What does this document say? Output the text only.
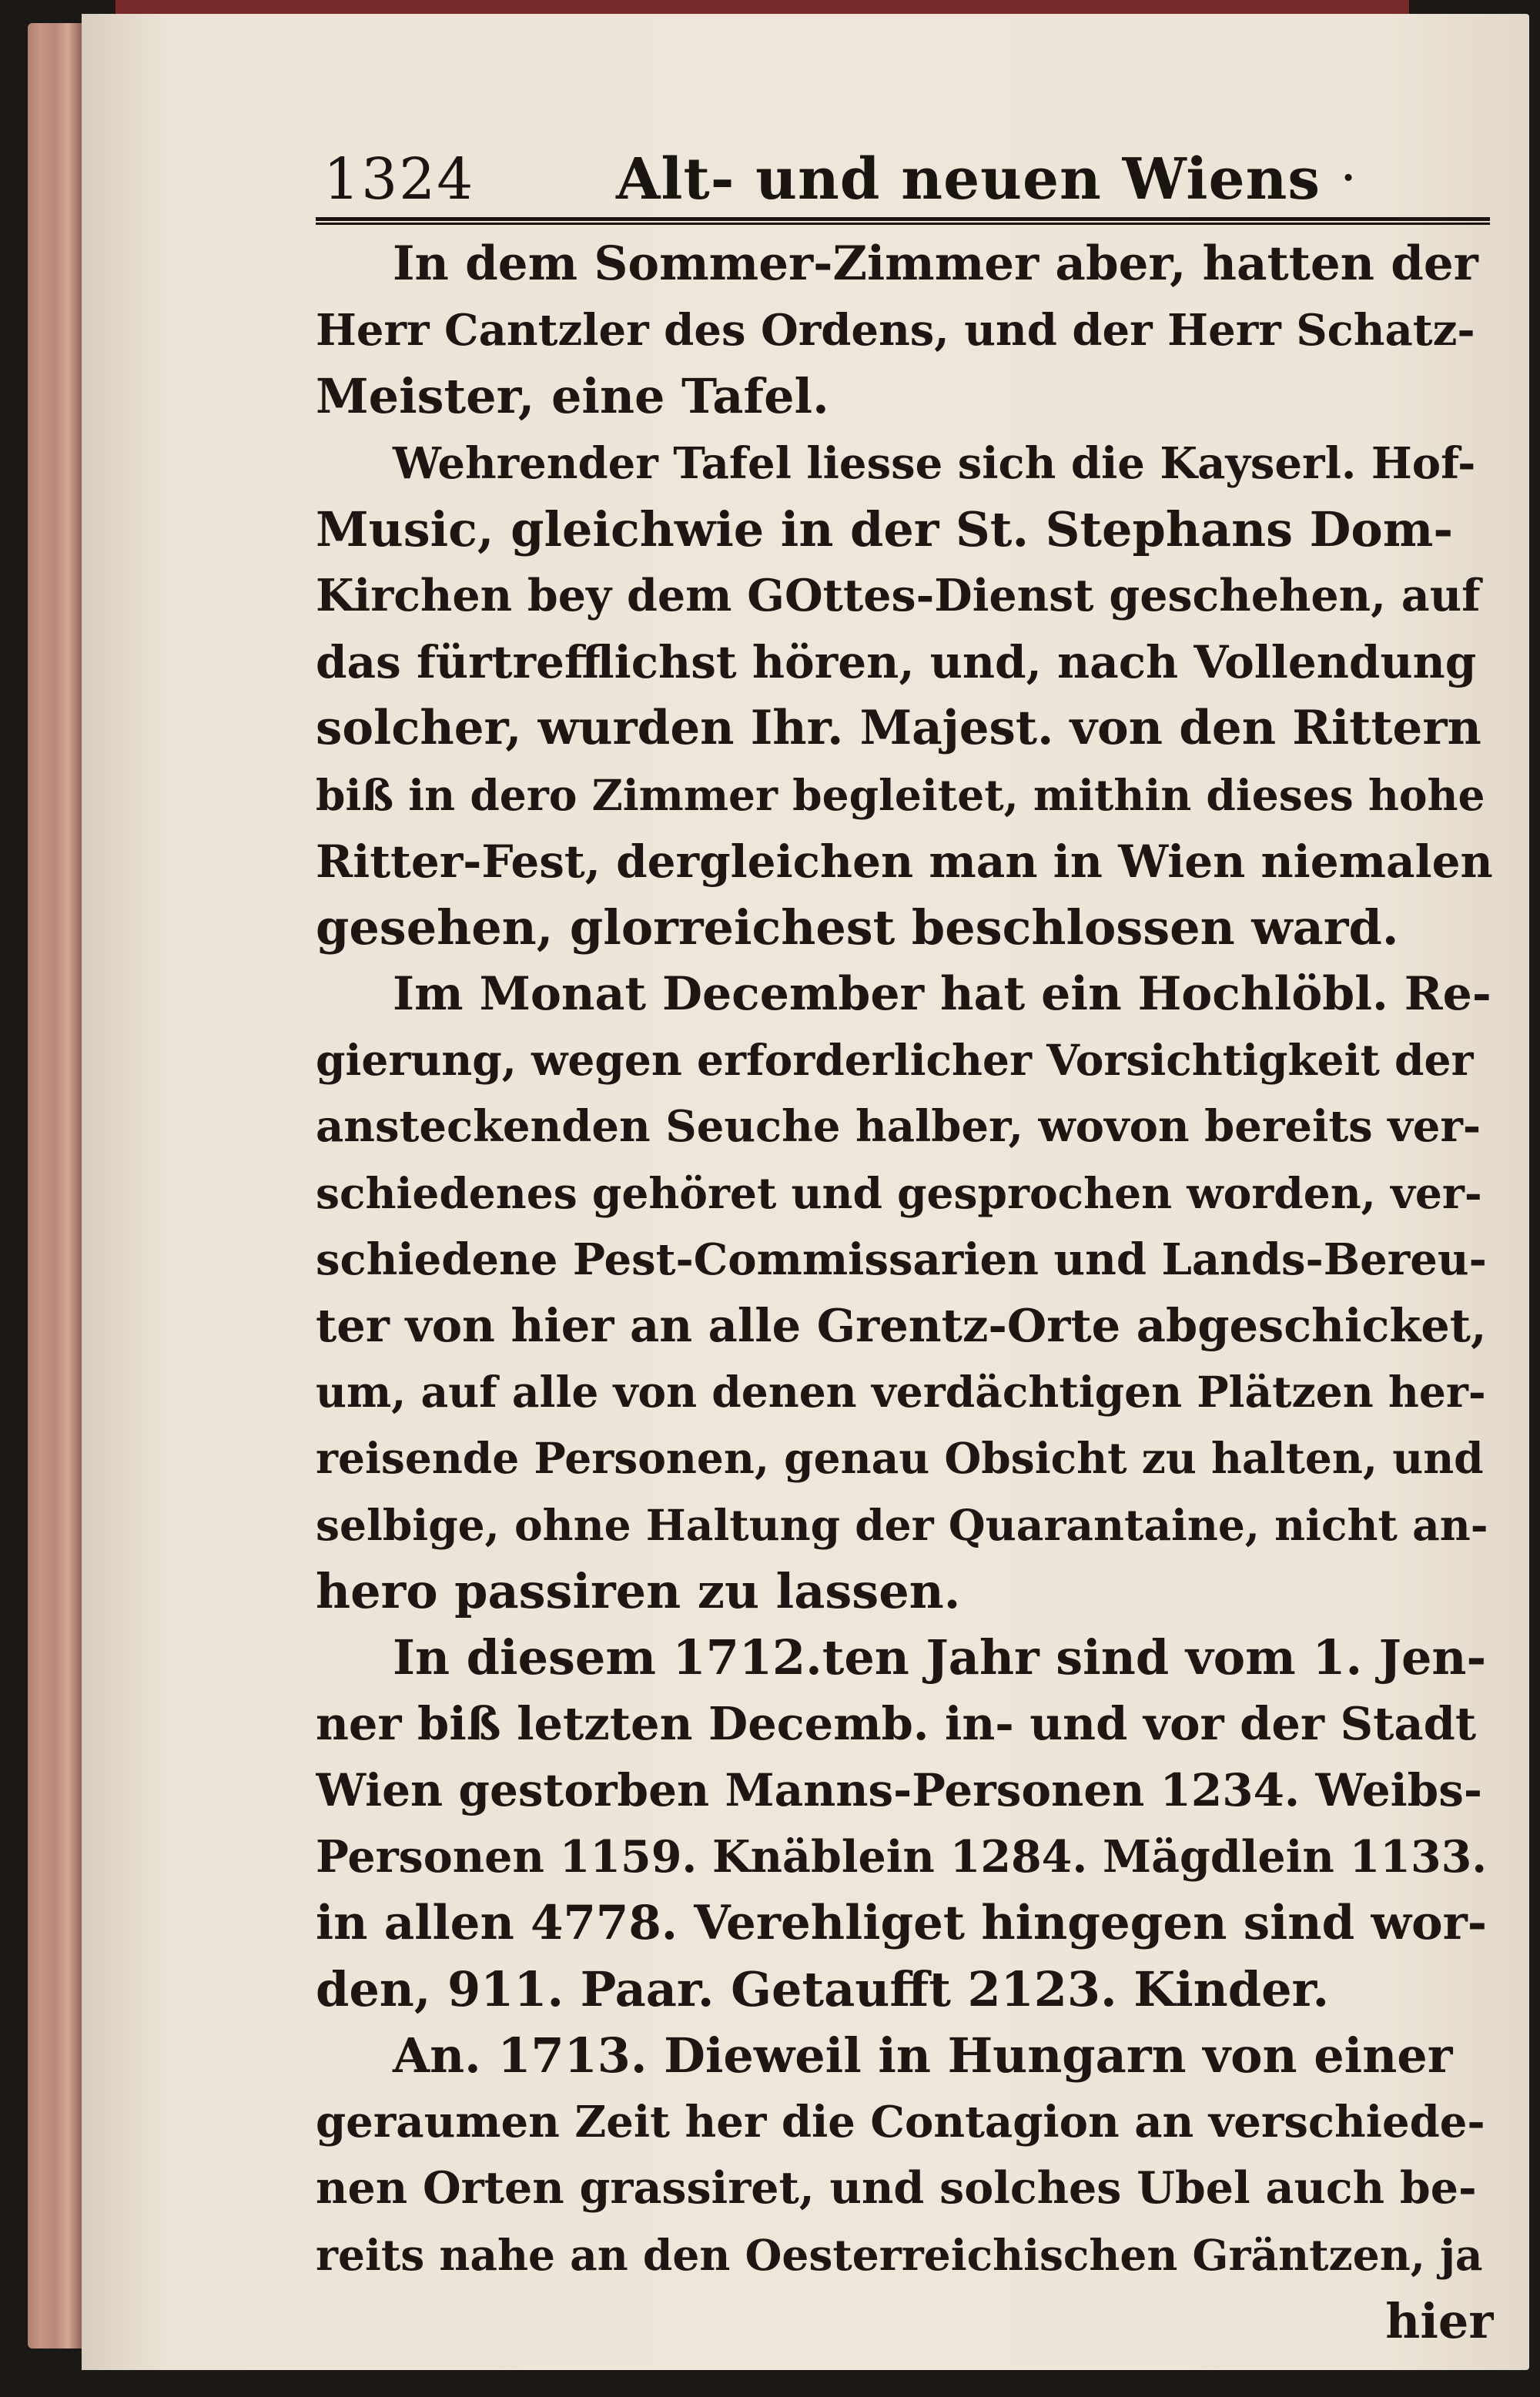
1324 Alt- und neuen Wiens ·
In dem Sommer-Zimmer aber, hatten der
Herr Cantzler des Ordens, und der Herr Schatz-
Meister, eine Tafel.
Wehrender Tafel liesse sich die Kayserl. Hof-
Music, gleichwie in der St. Stephans Dom-
Kirchen bey dem GOttes-Dienst geschehen, auf
das fürtrefflichst hören, und, nach Vollendung
solcher, wurden Ihr. Majest. von den Rittern
biß in dero Zimmer begleitet, mithin dieses hohe
Ritter-Fest, dergleichen man in Wien niemalen
gesehen, glorreichest beschlossen ward.
Im Monat December hat ein Hochlöbl. Re-
gierung, wegen erforderlicher Vorsichtigkeit der
ansteckenden Seuche halber, wovon bereits ver-
schiedenes gehöret und gesprochen worden, ver-
schiedene Pest-Commissarien und Lands-Bereu-
ter von hier an alle Grentz-Orte abgeschicket,
um, auf alle von denen verdächtigen Plätzen her-
reisende Personen, genau Obsicht zu halten, und
selbige, ohne Haltung der Quarantaine, nicht an-
hero passiren zu lassen.
In diesem 1712.ten Jahr sind vom 1. Jen-
ner biß letzten Decemb. in- und vor der Stadt
Wien gestorben Manns-Personen 1234. Weibs-
Personen 1159. Knäblein 1284. Mägdlein 1133.
in allen 4778. Verehliget hingegen sind wor-
den, 911. Paar. Getaufft 2123. Kinder.
An. 1713. Dieweil in Hungarn von einer
geraumen Zeit her die Contagion an verschiede-
nen Orten grassiret, und solches Ubel auch be-
reits nahe an den Oesterreichischen Gräntzen, ja
hier
